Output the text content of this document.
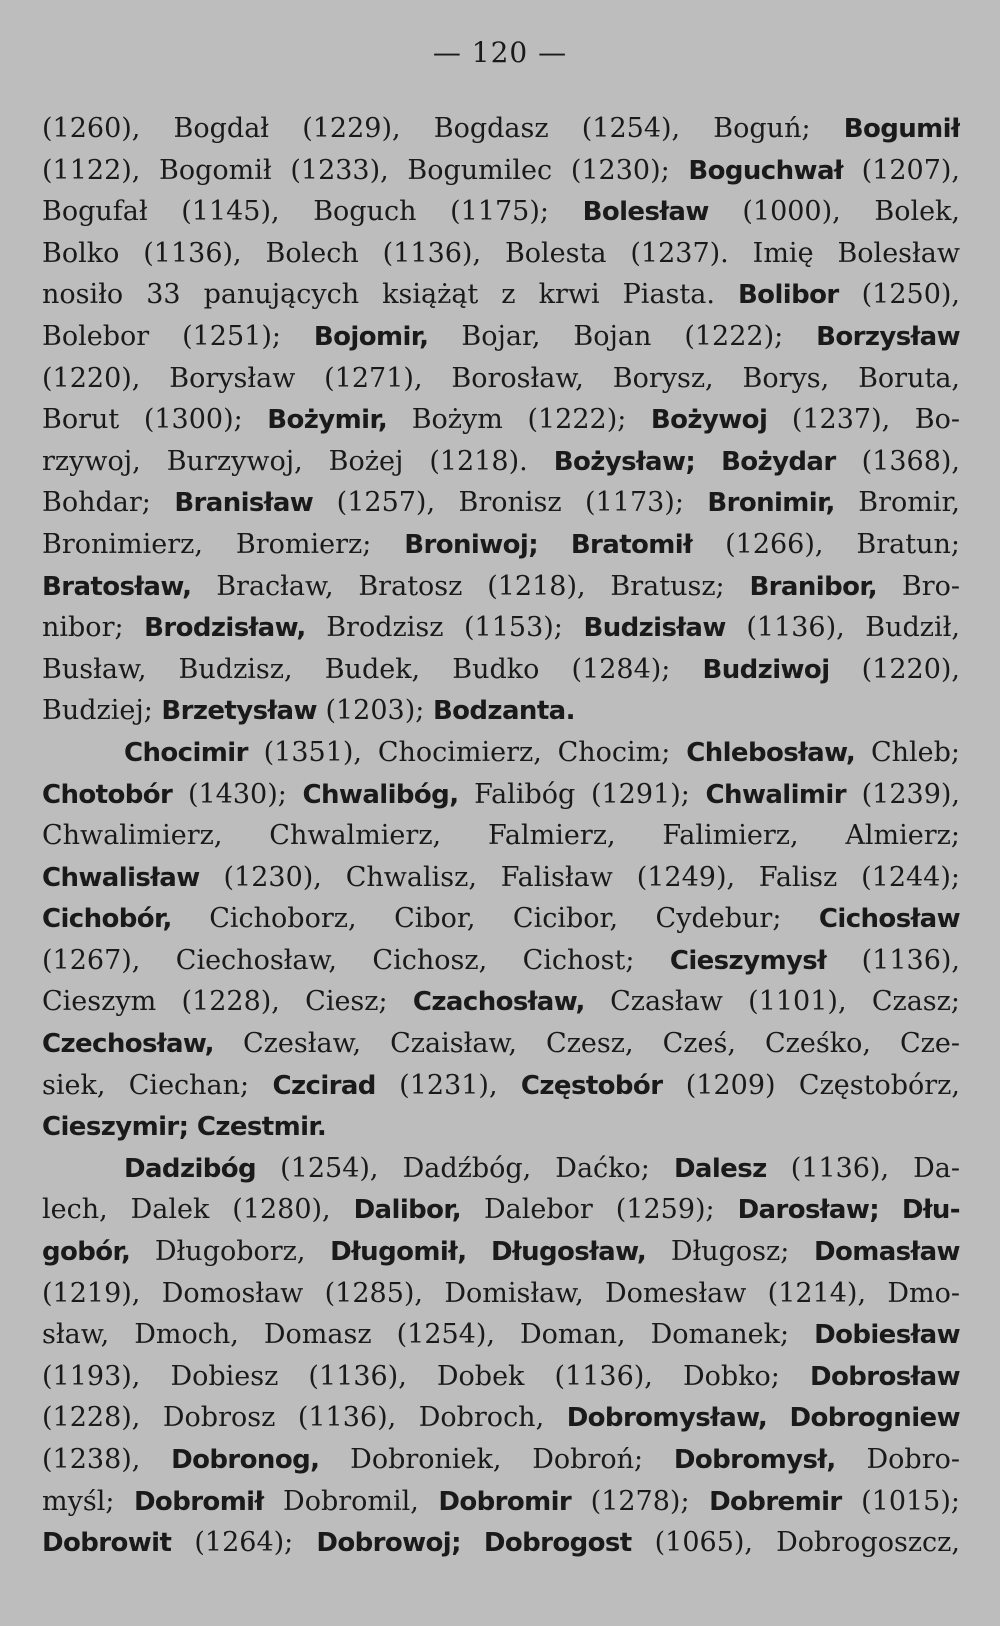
— 120 —
(1260), Bogdał (1229), Bogdasz (1254), Boguń; Bogumił
(1122), Bogomił (1233), Bogumilec (1230); Boguchwał (1207),
Bogufał (1145), Boguch (1175); Bolesław (1000), Bolek,
Bolko (1136), Bolech (1136), Bolesta (1237). Imię Bolesław
nosiło 33 panujących książąt z krwi Piasta. Bolibor (1250),
Bolebor (1251); Bojomir, Bojar, Bojan (1222); Borzysław
(1220), Borysław (1271), Borosław, Borysz, Borys, Boruta,
Borut (1300); Bożymir, Bożym (1222); Bożywoj (1237), Bo-
rzywoj, Burzywoj, Bożej (1218). Bożysław; Bożydar (1368),
Bohdar; Branisław (1257), Bronisz (1173); Bronimir, Bromir,
Bronimierz, Bromierz; Broniwoj; Bratomił (1266), Bratun;
Bratosław, Bracław, Bratosz (1218), Bratusz; Branibor, Bro-
nibor; Brodzisław, Brodzisz (1153); Budzisław (1136), Budził,
Busław, Budzisz, Budek, Budko (1284); Budziwoj (1220),
Budziej; Brzetysław (1203); Bodzanta.
Chocimir (1351), Chocimierz, Chocim; Chlebosław, Chleb;
Chotobór (1430); Chwalibóg, Falibóg (1291); Chwalimir (1239),
Chwalimierz, Chwalmierz, Falmierz, Falimierz, Almierz;
Chwalisław (1230), Chwalisz, Falisław (1249), Falisz (1244);
Cichobór, Cichoborz, Cibor, Cicibor, Cydebur; Cichosław
(1267), Ciechosław, Cichosz, Cichost; Cieszymysł (1136),
Cieszym (1228), Ciesz; Czachosław, Czasław (1101), Czasz;
Czechosław, Czesław, Czaisław, Czesz, Cześ, Cześko, Cze-
siek, Ciechan; Czcirad (1231), Częstobór (1209) Częstobórz,
Cieszymir; Czestmir.
Dadzibóg (1254), Dadźbóg, Daćko; Dalesz (1136), Da-
lech, Dalek (1280), Dalibor, Dalebor (1259); Darosław; Dłu-
gobór, Długoborz, Długomił, Długosław, Długosz; Domasław
(1219), Domosław (1285), Domisław, Domesław (1214), Dmo-
sław, Dmoch, Domasz (1254), Doman, Domanek; Dobiesław
(1193), Dobiesz (1136), Dobek (1136), Dobko; Dobrosław
(1228), Dobrosz (1136), Dobroch, Dobromysław, Dobrogniew
(1238), Dobronog, Dobroniek, Dobroń; Dobromysł, Dobro-
myśl; Dobromił Dobromil, Dobromir (1278); Dobremir (1015);
Dobrowit (1264); Dobrowoj; Dobrogost (1065), Dobrogoszcz,
